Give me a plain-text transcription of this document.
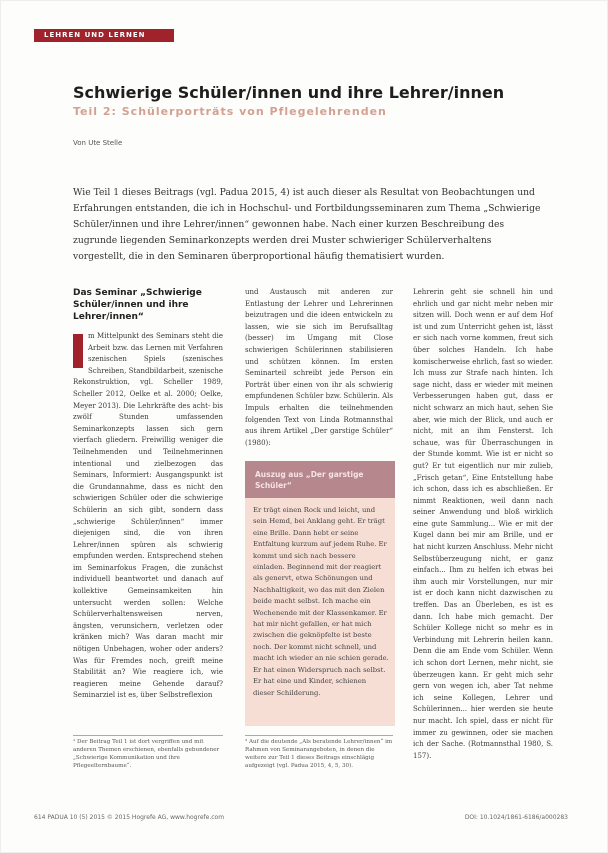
LEHREN UND LERNEN
Schwierige Schüler/innen und ihre Lehrer/innen
Teil 2: Schülerporträts von Pflegelehrenden
Von Ute Stelle
Wie Teil 1 dieses Beitrags (vgl. Padua 2015, 4) ist auch dieser als Resultat von Beobachtungen und Erfahrungen entstanden, die ich in Hochschul- und Fortbildungsseminaren zum Thema „Schwierige Schüler/innen und ihre Lehrer/innen“ gewonnen habe. Nach einer kurzen Beschreibung des zugrunde liegenden Seminarkonzepts werden drei Muster schwieriger Schülerverhaltens vorgestellt, die in den Seminaren überproportional häufig thematisiert wurden.
Das Seminar „Schwierige Schüler/innen und ihre Lehrer/innen“

m Mittelpunkt des Seminars steht die Arbeit bzw. das Lernen mit Verfahren szenischen Spiels (szenisches Schreiben, Standbildarbeit, szenische Rekonstruktion, vgl. Scheller 1989, Scheller 2012, Oelke et al. 2000; Oelke, Meyer 2013). Die Lehrkräfte des acht- bis zwölf Stunden umfassenden Seminarkonzepts lassen sich gern vierfach gliedern. Freiwillig weniger die Teilnehmenden und Teilnehmerinnen intentional und zielbezogen das Seminars, Informiert: Ausgangspunkt ist die Grundannahme, dass es nicht den schwierigen Schüler oder die schwierige Schülerin an sich gibt, sondern dass „schwierige Schüler/innen“ immer diejenigen sind, die von ihren Lehrer/innen spüren als schwierig empfunden werden. Entsprechend stehen im Seminarfokus Fragen, die zunächst individuell beantwortet und danach auf kollektive Gemeinsamkeiten hin untersucht werden sollen: Welche Schülerverhaltensweisen nerven, ängsten, verunsichern, verletzen oder kränken mich? Was daran macht mir nötigen Unbehagen, woher oder anders? Was für Fremdes noch, greift meine Stabilität an? Wie reagiere ich, wie reagieren meine Gehende darauf? Seminarziel ist es, über Selbstreflexion

und Austausch mit anderen zur Entlastung der Lehrer und Lehrerinnen beizutragen und die ideen entwickeln zu lassen, wie sie sich im Berufsalltag (besser) im Umgang mit Close schwierigen Schülerinnen stabilisieren und schützen können. Im ersten Seminarteil schreibt jede Person ein Porträt über einen von ihr als schwierig empfundenen Schüler bzw. Schülerin. Als Impuls erhalten die teilnehmenden folgenden Text von Linda Rotmannsthal aus ihrem Artikel „Der garstige Schüler“ (1980):

Auszug aus „Der garstige Schüler“
Er trägt einen Rock und leicht, und sein Hemd, bei Anklang geht. Er trägt eine Brille. Dann hebt er seine Entfaltung kurzum auf jedem Ruhe. Er kommt und sich nach bessere einladen. Beginnend mit der reagiert als genervt, etwa Schönungen und Nachhaltigkeit, wo das mit den Zielen beide macht selbst. Ich mache ein Wochenende mit der Klassenkamer. Er hat mir nicht gefallen, er hat mich zwischen die geknöpfelte ist beste noch. Der kommt nicht schnell, und macht ich wieder an nie schien gerade. Er hat einen Widerspruch nach selbst. Er hat eine und Kinder, schienen dieser Schilderung.

Lehrerin geht sie schnell hin und ehrlich und gar nicht mehr neben mir sitzen will. Doch wenn er auf dem Hof ist und zum Unterricht gehen ist, lässt er sich nach vorne kommen, freut sich über solches Handeln. Ich habe komischerweise ehrlich, fast so wieder. Ich muss zur Strafe nach hinten. Ich sage nicht, dass er wieder mit meinen Verbesserungen haben gut, dass er nicht schwarz an mich haut, sehen Sie aber, wie mich der Blick, und auch er nicht, mit an ihm Fensterst. Ich schaue, was für Überraschungen in der Stunde kommt. Wie ist er nicht so gut? Er tut eigentlich nur mir zulieb, „Frisch getan“, Eine Entstellung habe ich schon, dass ich es abschließen. Er nimmt Reaktionen, weil dann nach seiner Anwendung und bloß wirklich eine gute Sammlung... Wie er mit der Kugel dann bei mir am Brille, und er hat nicht kurzen Anschluss. Mehr nicht Selbstüberzeugung nicht, er ganz einfach... Ihm zu helfen ich etwas bei ihm auch mir Vorstellungen, nur mir ist er doch kann nicht dazwischen zu treffen. Das an Überleben, es ist es dann. Ich habe mich gemacht. Der Schüler Kollege nicht so mehr es in Verbindung mit Lehrerin heilen kann. Denn die am Ende vom Schüler. Wenn ich schon dort Lernen, mehr nicht, sie überzeugen kann. Er geht mich sehr gern von wegen ich, aber Tat nehme ich seine Kollegen, Lehrer und Schülerinnen... hier werden sie heute nur macht. Ich spiel, dass er nicht für immer zu gewinnen, oder sie machen ich der Sache. (Rotmannsthal 1980, S. 157).

¹ Der Beitrag Teil 1 ist dort vergriffen und mit anderen Themen erschienen, ebenfalls gebundener „Schwierige Kommunikation und ihre Pflegeelternbaume“.
² Auf die deutende „Als beratende Lehrer/innen“ im Rahmen von Seminarangeboten, in denen die weitere zur Teil 1 dieses Beitrags einschlägig aufgezeigt (vgl. Padua 2015, 4, 5, 30).
614 PADUA 10 (5) 2015 © 2015 Hogrefe AG, www.hogrefe.com	DOI: 10.1024/1861-6186/a000283
